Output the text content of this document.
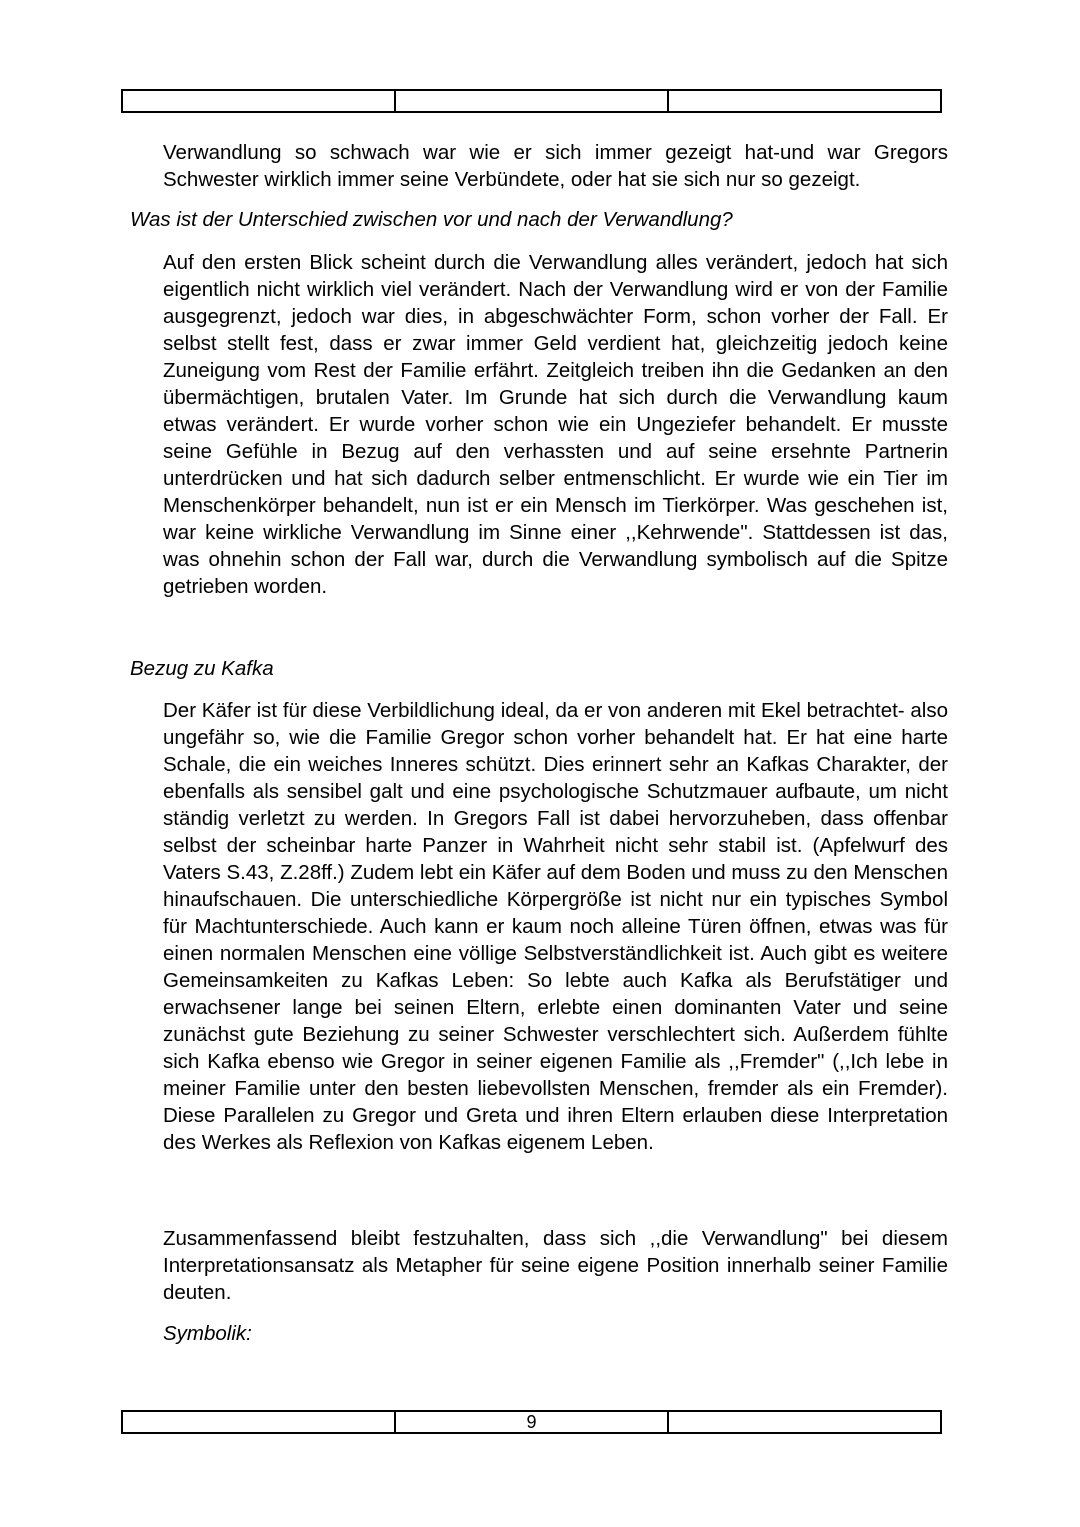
Verwandlung so schwach war wie er sich immer gezeigt hat-und war Gregors Schwester wirklich immer seine Verbündete, oder hat sie sich nur so gezeigt.

Was ist der Unterschied zwischen vor und nach der Verwandlung?

Auf den ersten Blick scheint durch die Verwandlung alles verändert, jedoch hat sich eigentlich nicht wirklich viel verändert. Nach der Verwandlung wird er von der Familie ausgegrenzt, jedoch war dies, in abgeschwächter Form, schon vorher der Fall. Er selbst stellt fest, dass er zwar immer Geld verdient hat, gleichzeitig jedoch keine Zuneigung vom Rest der Familie erfährt. Zeitgleich treiben ihn die Gedanken an den übermächtigen, brutalen Vater. Im Grunde hat sich durch die Verwandlung kaum etwas verändert. Er wurde vorher schon wie ein Ungeziefer behandelt. Er musste seine Gefühle in Bezug auf den verhassten und auf seine ersehnte Partnerin unterdrücken und hat sich dadurch selber entmenschlicht. Er wurde wie ein Tier im Menschenkörper behandelt, nun ist er ein Mensch im Tierkörper. Was geschehen ist, war keine wirkliche Verwandlung im Sinne einer ,,Kehrwende". Stattdessen ist das, was ohnehin schon der Fall war, durch die Verwandlung symbolisch auf die Spitze getrieben worden.

Bezug zu Kafka

Der Käfer ist für diese Verbildlichung ideal, da er von anderen mit Ekel betrachtet- also ungefähr so, wie die Familie Gregor schon vorher behandelt hat. Er hat eine harte Schale, die ein weiches Inneres schützt. Dies erinnert sehr an Kafkas Charakter, der ebenfalls als sensibel galt und eine psychologische Schutzmauer aufbaute, um nicht ständig verletzt zu werden. In Gregors Fall ist dabei hervorzuheben, dass offenbar selbst der scheinbar harte Panzer in Wahrheit nicht sehr stabil ist. (Apfelwurf des Vaters S.43, Z.28ff.) Zudem lebt ein Käfer auf dem Boden und muss zu den Menschen hinaufschauen. Die unterschiedliche Körpergröße ist nicht nur ein typisches Symbol für Machtunterschiede. Auch kann er kaum noch alleine Türen öffnen, etwas was für einen normalen Menschen eine völlige Selbstverständlichkeit ist. Auch gibt es weitere Gemeinsamkeiten zu Kafkas Leben: So lebte auch Kafka als Berufstätiger und erwachsener lange bei seinen Eltern, erlebte einen dominanten Vater und seine zunächst gute Beziehung zu seiner Schwester verschlechtert sich. Außerdem fühlte sich Kafka ebenso wie Gregor in seiner eigenen Familie als ,,Fremder" (,,Ich lebe in meiner Familie unter den besten liebevollsten Menschen, fremder als ein Fremder). Diese Parallelen zu Gregor und Greta und ihren Eltern erlauben diese Interpretation des Werkes als Reflexion von Kafkas eigenem Leben.

Zusammenfassend bleibt festzuhalten, dass sich ,,die Verwandlung" bei diesem Interpretationsansatz als Metapher für seine eigene Position innerhalb seiner Familie deuten.

Symbolik:

9
